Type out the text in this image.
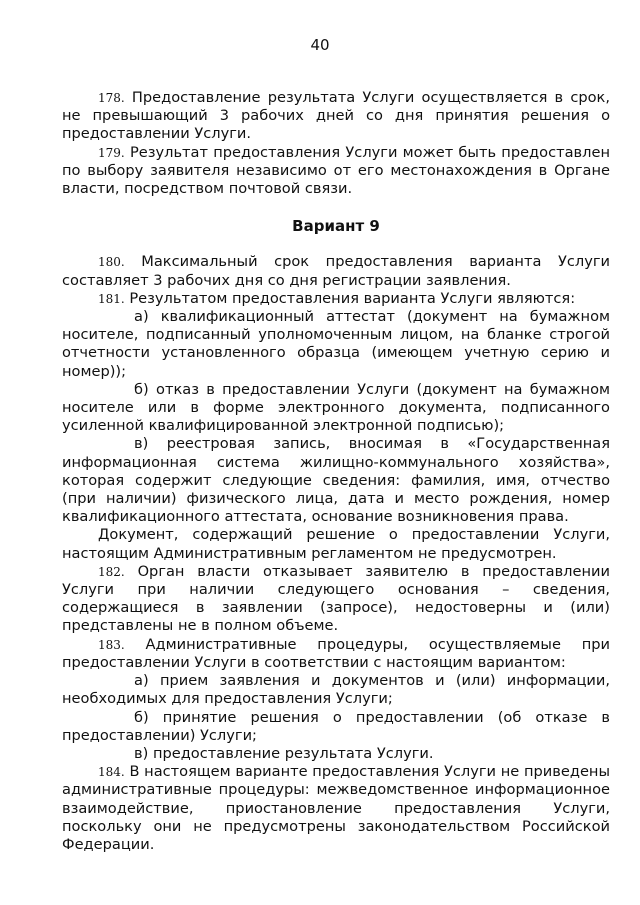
40

178. Предоставление результата Услуги осуществляется в срок, не превышающий 3 рабочих дней со дня принятия решения о предоставлении Услуги.

179. Результат предоставления Услуги может быть предоставлен по выбору заявителя независимо от его местонахождения в Органе власти, посредством почтовой связи.

Вариант 9

180. Максимальный срок предоставления варианта Услуги составляет 3 рабочих дня со дня регистрации заявления.

181. Результатом предоставления варианта Услуги являются:

а) квалификационный аттестат (документ на бумажном носителе, подписанный уполномоченным лицом, на бланке строгой отчетности установленного образца (имеющем учетную серию и номер));

б) отказ в предоставлении Услуги (документ на бумажном носителе или в форме электронного документа, подписанного усиленной квалифицированной электронной подписью);

в) реестровая запись, вносимая в «Государственная информационная система жилищно-коммунального хозяйства», которая содержит следующие сведения: фамилия, имя, отчество (при наличии) физического лица, дата и место рождения, номер квалификационного аттестата, основание возникновения права.

Документ, содержащий решение о предоставлении Услуги, настоящим Административным регламентом не предусмотрен.

182. Орган власти отказывает заявителю в предоставлении Услуги при наличии следующего основания – сведения, содержащиеся в заявлении (запросе), недостоверны и (или) представлены не в полном объеме.

183. Административные процедуры, осуществляемые при предоставлении Услуги в соответствии с настоящим вариантом:

а) прием заявления и документов и (или) информации, необходимых для предоставления Услуги;

б) принятие решения о предоставлении (об отказе в предоставлении) Услуги;

в) предоставление результата Услуги.

184. В настоящем варианте предоставления Услуги не приведены административные процедуры: межведомственное информационное взаимодействие, приостановление предоставления Услуги, поскольку они не предусмотрены законодательством Российской Федерации.
